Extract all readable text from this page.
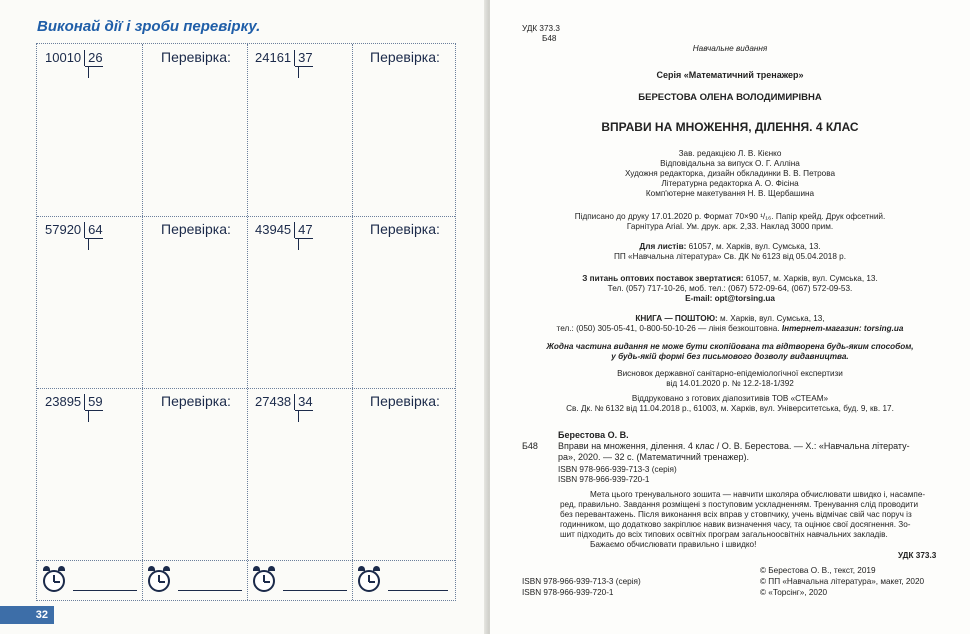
Виконай дії і зроби перевірку.
10010 26	Перевірка: 24161 37	Перевірка:
57920 64	Перевірка: 43945 47	Перевірка:
23895 59	Перевірка: 27438 34	Перевірка:
32
УДК 373.3
Б48
Навчальне видання
Серія «Математичний тренажер»
БЕРЕСТОВА ОЛЕНА ВОЛОДИМИРІВНА
ВПРАВИ НА МНОЖЕННЯ, ДІЛЕННЯ. 4 КЛАС
Зав. редакцією Л. В. Кієнко
Відповідальна за випуск О. Г. Алліна
Художня редакторка, дизайн обкладинки В. В. Петрова
Літературна редакторка А. О. Фісіна
Комп'ютерне макетування Н. В. Щербашина
Підписано до друку 17.01.2020 р. Формат 70×90 ¹/₁₆. Папір крейд. Друк офсетний.
Гарнітура Arial. Ум. друк. арк. 2,33. Наклад 3000 прим.
Для листів: 61057, м. Харків, вул. Сумська, 13.
ПП «Навчальна література» Св. ДК № 6123 від 05.04.2018 р.
З питань оптових поставок звертатися: 61057, м. Харків, вул. Сумська, 13.
Тел. (057) 717-10-26, моб. тел.: (067) 572-09-64, (067) 572-09-53.
E-mail: opt@torsing.ua
КНИГА — ПОШТОЮ: м. Харків, вул. Сумська, 13,
тел.: (050) 305-05-41, 0-800-50-10-26 — лінія безкоштовна. Інтернет-магазин: torsing.ua
Жодна частина видання не може бути скопійована та відтворена будь-яким способом,
у будь-якій формі без письмового дозволу видавництва.
Висновок державної санітарно-епідеміологічної експертизи
від 14.01.2020 р. № 12.2-18-1/392
Віддруковано з готових діапозитивів ТОВ «СТЕАМ»
Св. Дк. № 6132 від 11.04.2018 р., 61003, м. Харків, вул. Університетська, буд. 9, кв. 17.
Берестова О. В.
Б48 Вправи на множення, ділення. 4 клас / О. В. Берестова. — Х.: «Навчальна літерату-
ра», 2020. — 32 с. (Математичний тренажер).
ISBN 978-966-939-713-3 (серія)
ISBN 978-966-939-720-1
Мета цього тренувального зошита — навчити школяра обчислювати швидко і, насампе-
ред, правильно. Завдання розміщені з поступовим ускладненням. Тренування слід проводити
без перевантажень. Після виконання всіх вправ у стовпчику, учень відмічає свій час поруч із
годинником, що додатково закріплює навик визначення часу, та оцінює свої досягнення. Зо-
шит підходить до всіх типових освітніх програм загальноосвітніх навчальних закладів.
Бажаємо обчислювати правильно і швидко!
УДК 373.3
ISBN 978-966-939-713-3 (серія)
ISBN 978-966-939-720-1
© Берестова О. В., текст, 2019
© ПП «Навчальна література», макет, 2020
© «Торсінг», 2020
